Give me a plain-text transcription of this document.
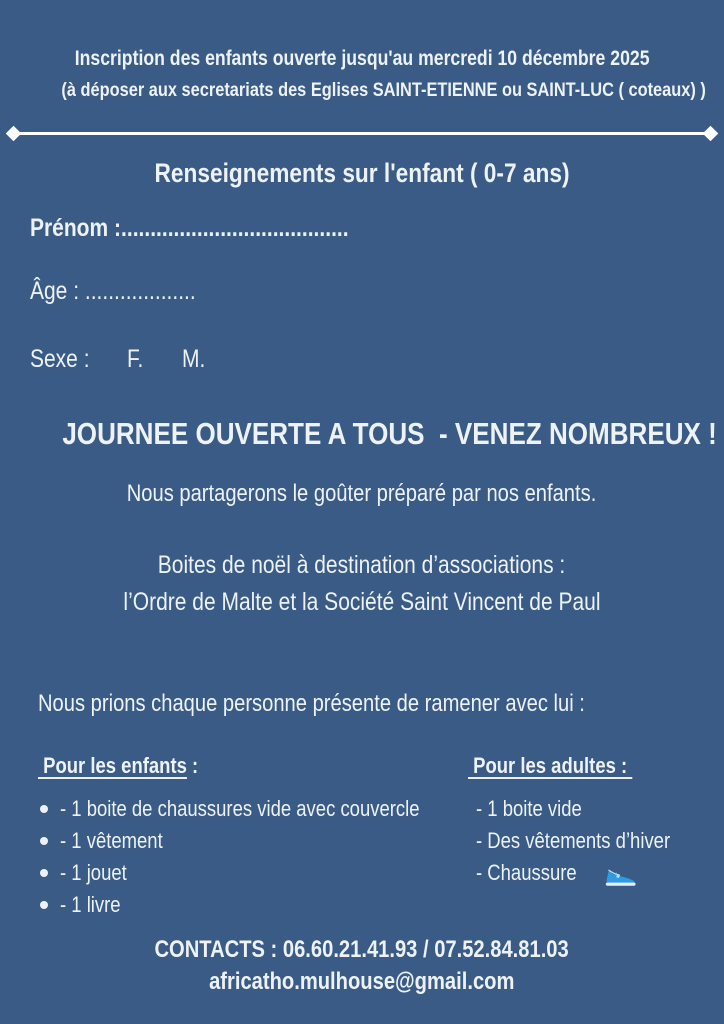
Inscription des enfants ouverte jusqu'au mercredi 10 décembre 2025
(à déposer aux secretariats des Eglises SAINT-ETIENNE ou SAINT-LUC ( coteaux) )
Renseignements sur l'enfant ( 0-7 ans)
Prénom :.......................................
Âge : ...................
Sexe : F. M.
JOURNEE OUVERTE A TOUS  - VENEZ NOMBREUX !
Nous partagerons le goûter préparé par nos enfants.
Boites de noël à destination d’associations :
l’Ordre de Malte et la Société Saint Vincent de Paul
Nous prions chaque personne présente de ramener avec lui :
Pour les enfants :
- 1 boite de chaussures vide avec couvercle
- 1 vêtement
- 1 jouet
- 1 livre
Pour les adultes :
- 1 boite vide
- Des vêtements d’hiver
- Chaussure
CONTACTS : 06.60.21.41.93 / 07.52.84.81.03
africatho.mulhouse@gmail.com
